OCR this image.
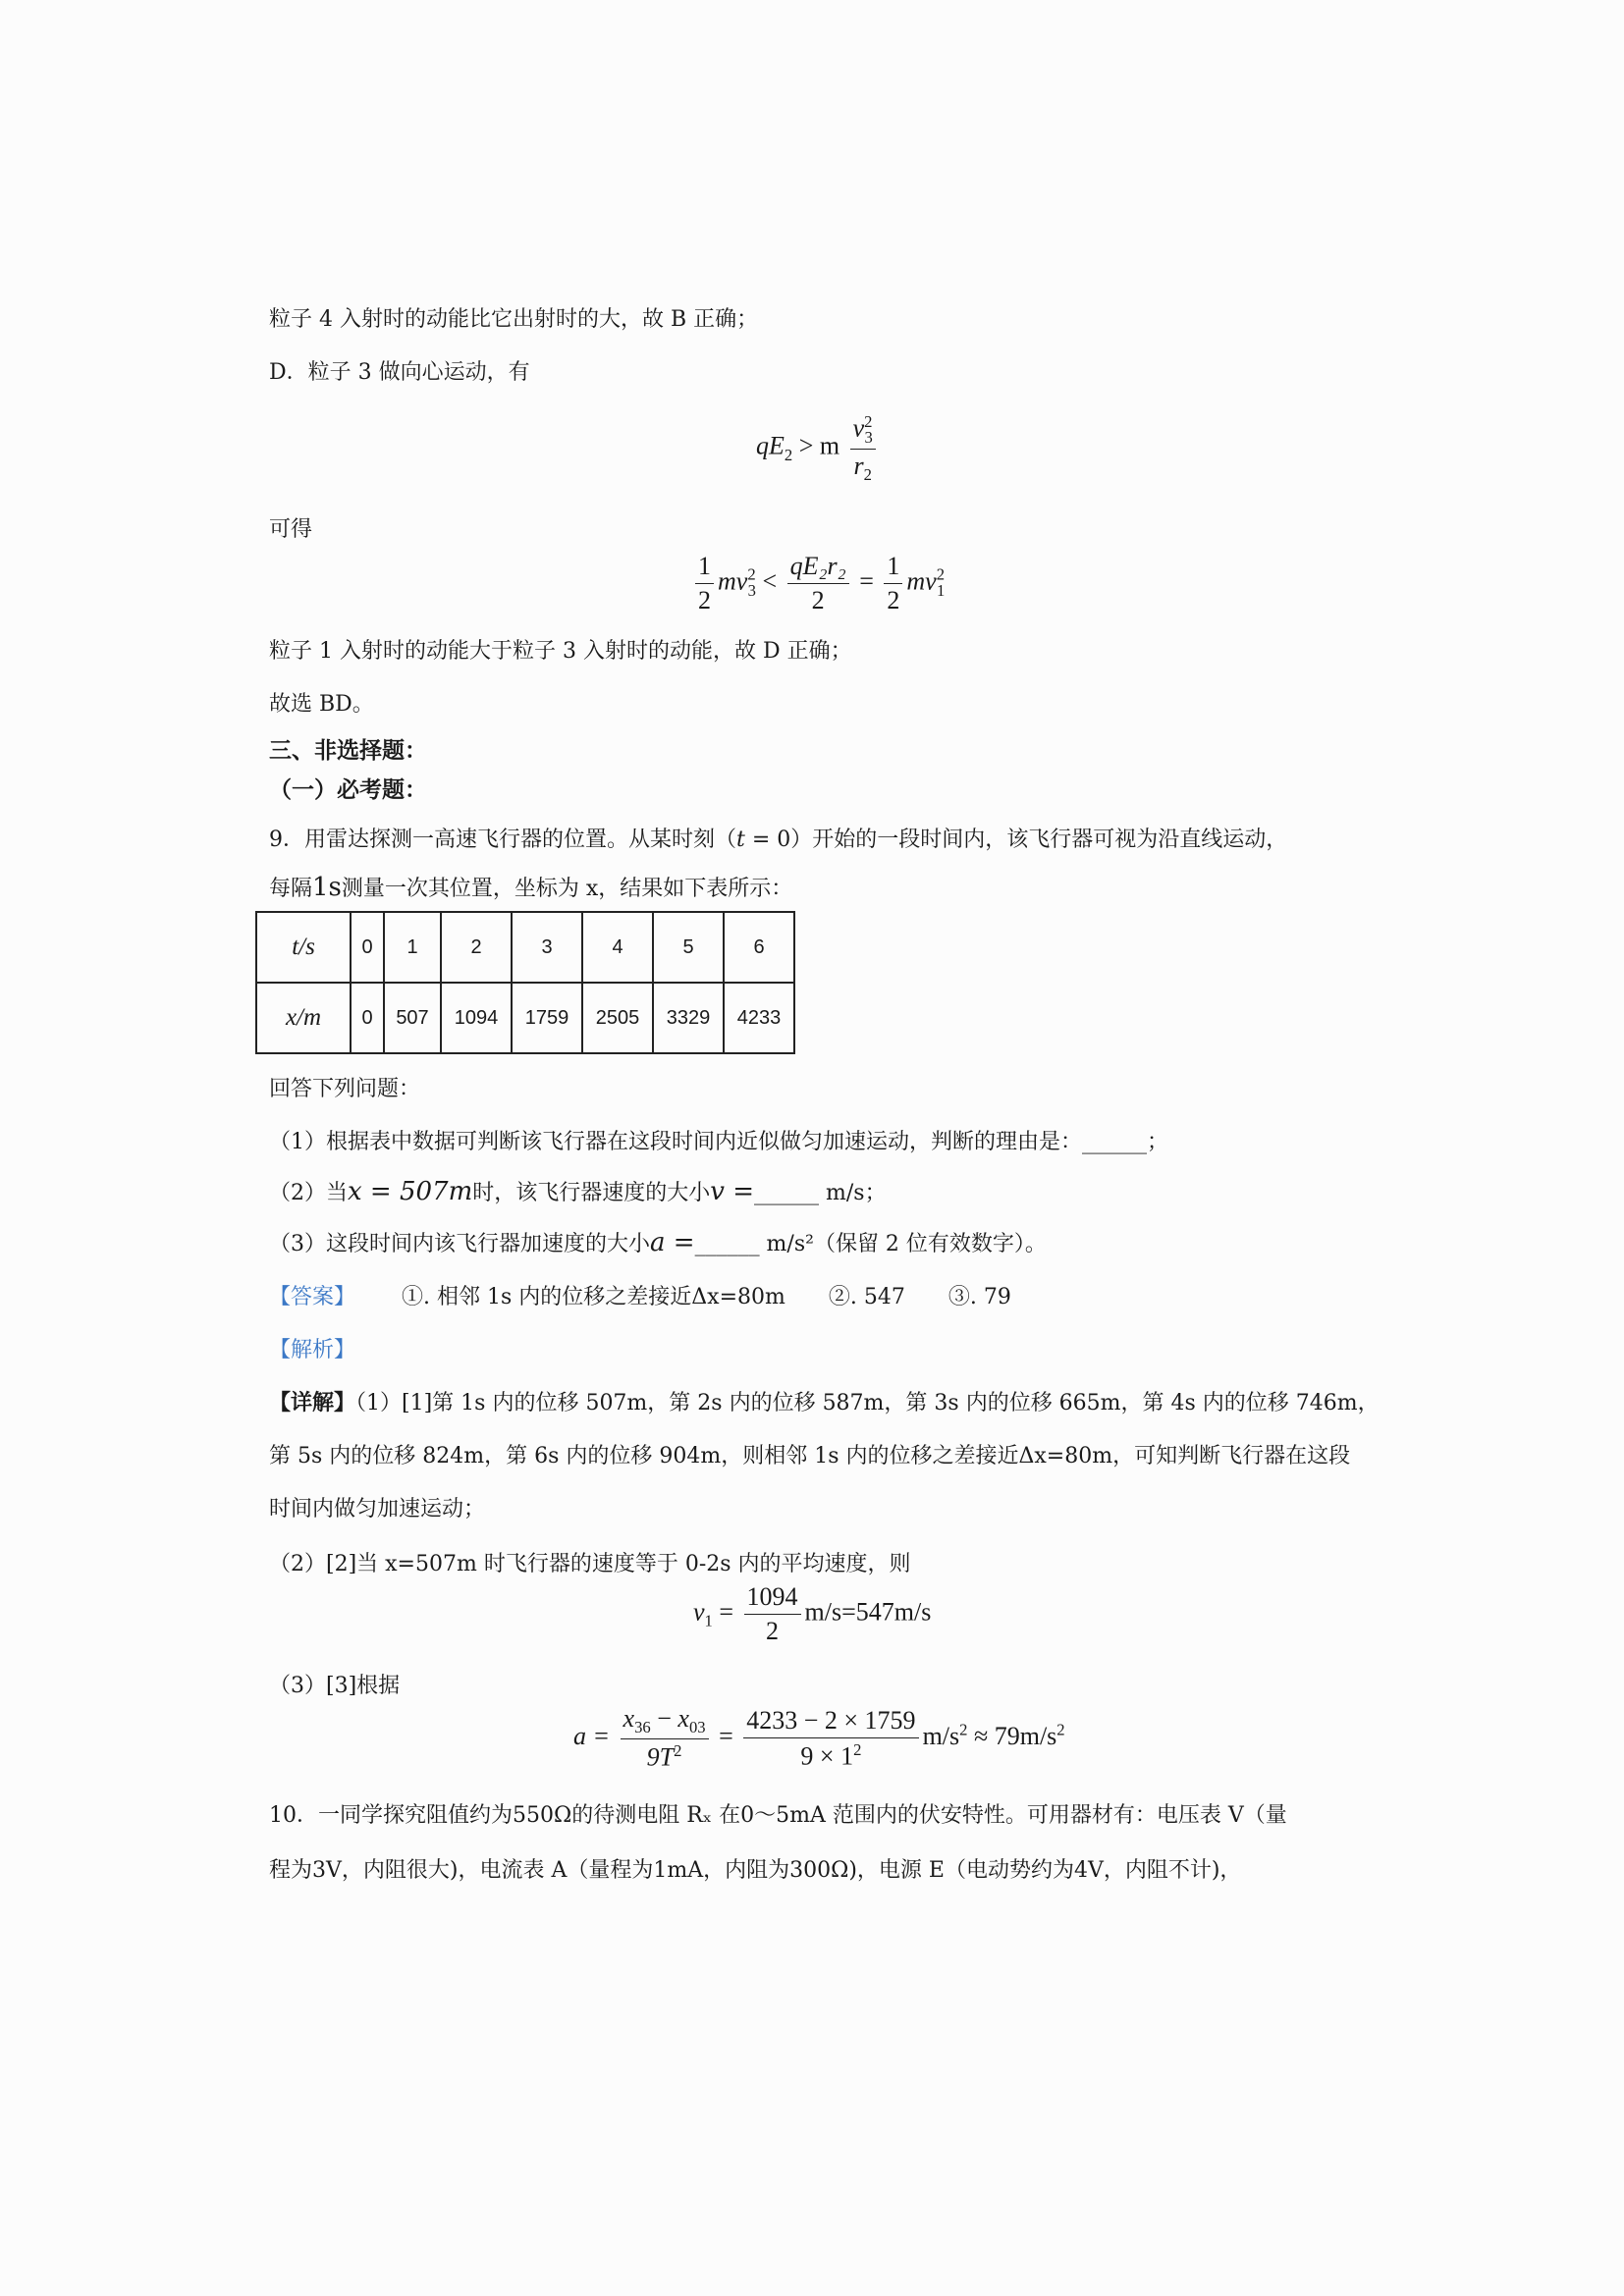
粒子 4 入射时的动能比它出射时的大，故 B 正确；
D．粒子 3 做向心运动，有
$qE_2 > m \frac{v^2_3}{r_2}$
可得
$\frac{1}{2} mv^2_3 < \frac{\text{qE₂r₂}}{2} = \frac{1}{2} mv^2_1$
粒子 1 入射时的动能大于粒子 3 入射时的动能，故 D 正确；
故选 BD。
三、非选择题：
（一）必考题：
9．用雷达探测一高速飞行器的位置。从某时刻（t = 0）开始的一段时间内，该飞行器可视为沿直线运动，
每隔1s测量一次其位置，坐标为 x，结果如下表所示：
t/s	0	1	2	3	4	5	6
x/m	0	507	1094	1759	2505	3329	4233
回答下列问题：
（1）根据表中数据可判断该飞行器在这段时间内近似做匀加速运动，判断的理由是：______；
（2）当x = 507m时，该飞行器速度的大小v =______ m/s；
（3）这段时间内该飞行器加速度的大小a =______ m/s²（保留 2 位有效数字）。
【答案】 ①. 相邻 1s 内的位移之差接近Δx=80m　　②. 547　　③. 79
【解析】
【详解】（1）[1]第 1s 内的位移 507m，第 2s 内的位移 587m，第 3s 内的位移 665m，第 4s 内的位移 746m，
第 5s 内的位移 824m，第 6s 内的位移 904m，则相邻 1s 内的位移之差接近Δx=80m，可知判断飞行器在这段
时间内做匀加速运动；
（2）[2]当 x=507m 时飞行器的速度等于 0-2s 内的平均速度，则
$v_1 = \frac{1094}{2} m/s=547m/s$
（3）[3]根据
$a = \frac{x_{36} - x_{03}}{9T^2} = \frac{4233 - 2 \times 1759}{9 \times 1^2} m/s^2 \approx 79m/s^2$
10．一同学探究阻值约为550Ω的待测电阻 Rₓ 在0～5mA 范围内的伏安特性。可用器材有：电压表 V（量
程为3V，内阻很大)，电流表 A（量程为1mA，内阻为300Ω)，电源 E（电动势约为4V，内阻不计)，
